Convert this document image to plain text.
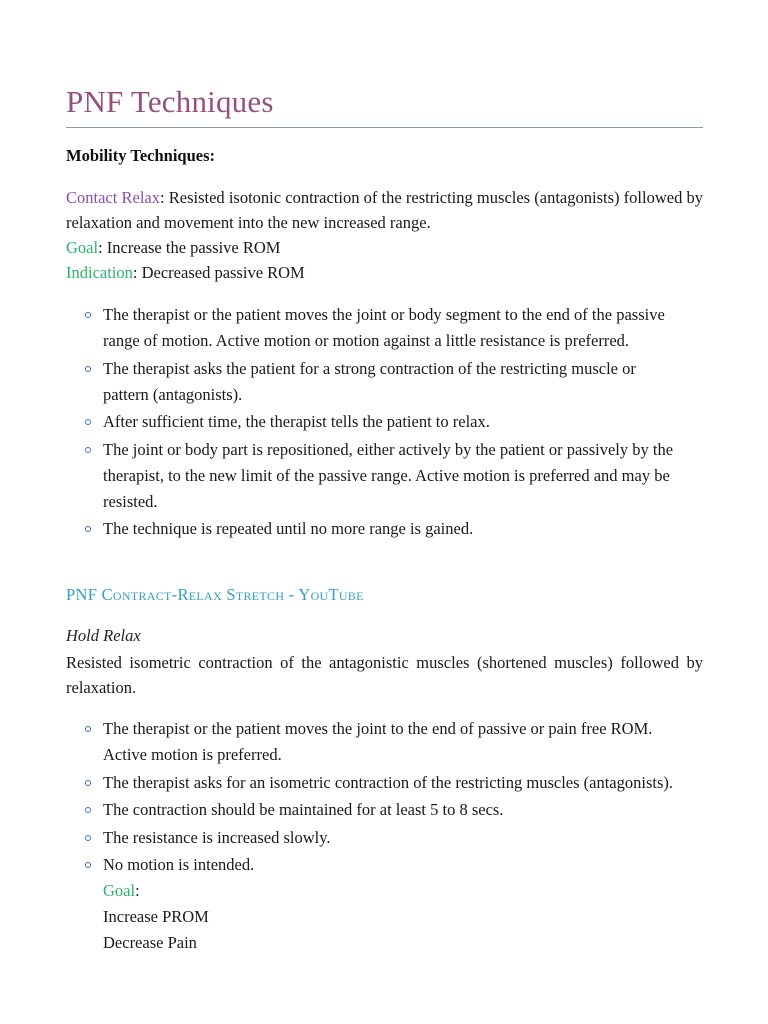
PNF Techniques

Mobility Techniques:

Contact Relax: Resisted isotonic contraction of the restricting muscles (antagonists) followed by relaxation and movement into the new increased range.

Goal: Increase the passive ROM

Indication: Decreased passive ROM

The therapist or the patient moves the joint or body segment to the end of the passive range of motion. Active motion or motion against a little resistance is preferred.
The therapist asks the patient for a strong contraction of the restricting muscle or pattern (antagonists).
After sufficient time, the therapist tells the patient to relax.
The joint or body part is repositioned, either actively by the patient or passively by the therapist, to the new limit of the passive range. Active motion is preferred and may be resisted.
The technique is repeated until no more range is gained.
PNF Contract-Relax Stretch - YouTube

Hold Relax

Resisted isometric contraction of the antagonistic muscles (shortened muscles) followed by relaxation.

The therapist or the patient moves the joint to the end of passive or pain free ROM. Active motion is preferred.
The therapist asks for an isometric contraction of the restricting muscles (antagonists).
The contraction should be maintained for at least 5 to 8 secs.
The resistance is increased slowly.
No motion is intended.
Goal:
Increase PROM
Decrease Pain
